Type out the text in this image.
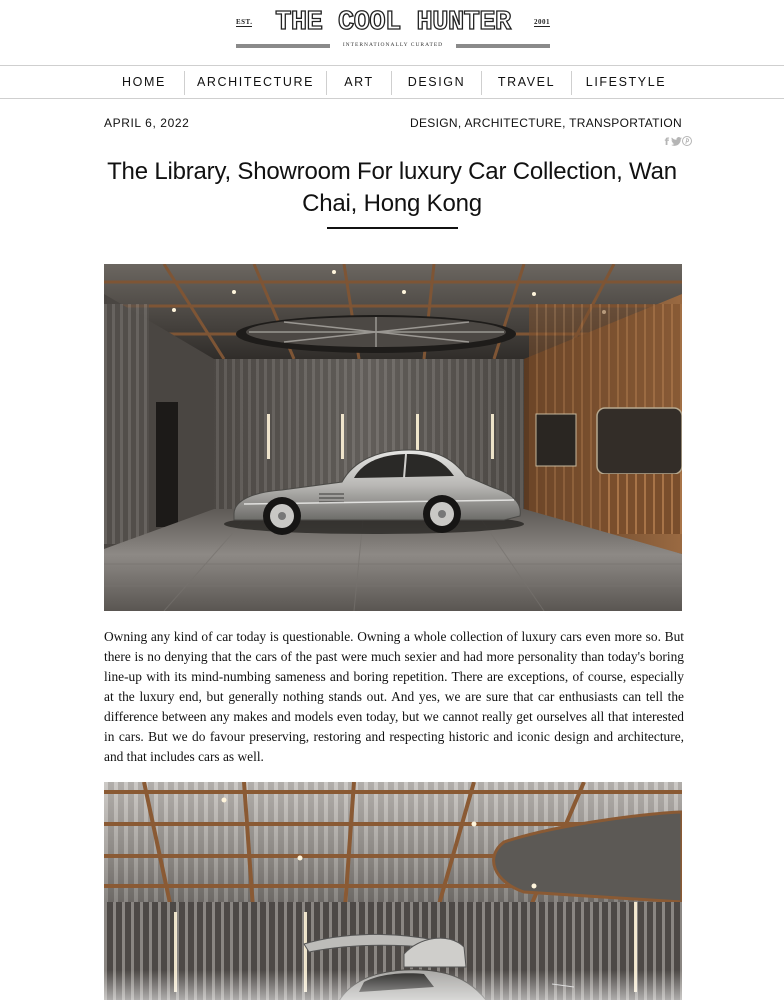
EST. THE COOL HUNTER	2001
INTERNATIONALLY CURATED
HOME	ARCHITECTURE	ART	DESIGN	TRAVEL	LIFESTYLE
APRIL 6, 2022	DESIGN, ARCHITECTURE, TRANSPORTATION
f
The Library, Showroom For luxury Car Collection, Wan Chai, Hong Kong

Owning any kind of car today is questionable. Owning a whole collection of luxury cars even more so. But there is no denying that the cars of the past were much sexier and had more personality than today's boring line-up with its mind-numbing sameness and boring repetition. There are exceptions, of course, especially at the luxury end, but generally nothing stands out. And yes, we are sure that car enthusiasts can tell the difference between any makes and models even today, but we cannot really get ourselves all that interested in cars. But we do favour preserving, restoring and respecting historic and iconic design and architecture, and that includes cars as well.
